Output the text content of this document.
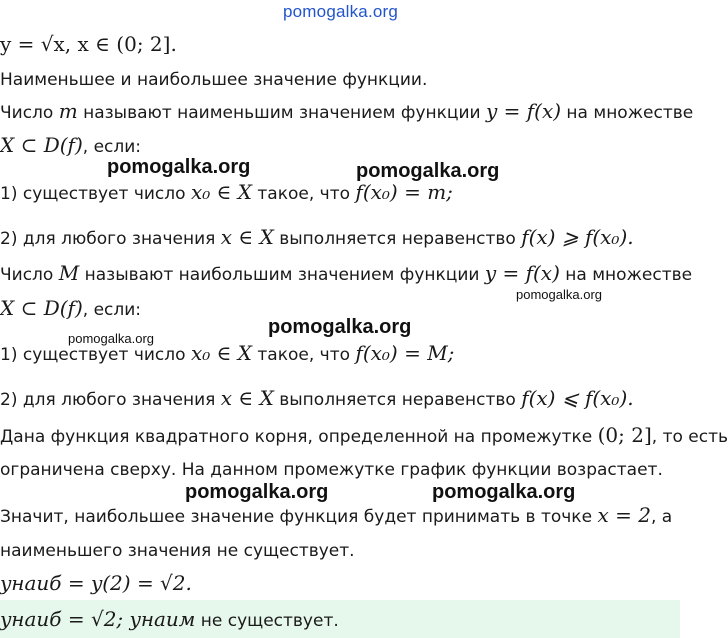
pomogalka.org
y = √x, x ∈ (0; 2].
Наименьшее и наибольшее значение функции.
Число m называют наименьшим значением функции y = f(x) на множестве
X ⊂ D(f), если:
1) существует число x₀ ∈ X такое, что f(x₀) = m;
2) для любого значения x ∈ X выполняется неравенство f(x) ⩾ f(x₀).
Число M называют наибольшим значением функции y = f(x) на множестве
X ⊂ D(f), если:
1) существует число x₀ ∈ X такое, что f(x₀) = M;
2) для любого значения x ∈ X выполняется неравенство f(x) ⩽ f(x₀).
Дана функция квадратного корня, определенной на промежутке (0; 2], то есть
ограничена сверху. На данном промежутке график функции возрастает.
Значит, наибольшее значение функция будет принимать в точке x = 2, а
наименьшего значения не существует.
yнаиб = y(2) = √2.
yнаиб = √2; yнаим не существует.
pomogalka.org	pomogalka.org
pomogalka.org
pomogalka.org
pomogalka.org
pomogalka.org	pomogalka.org
